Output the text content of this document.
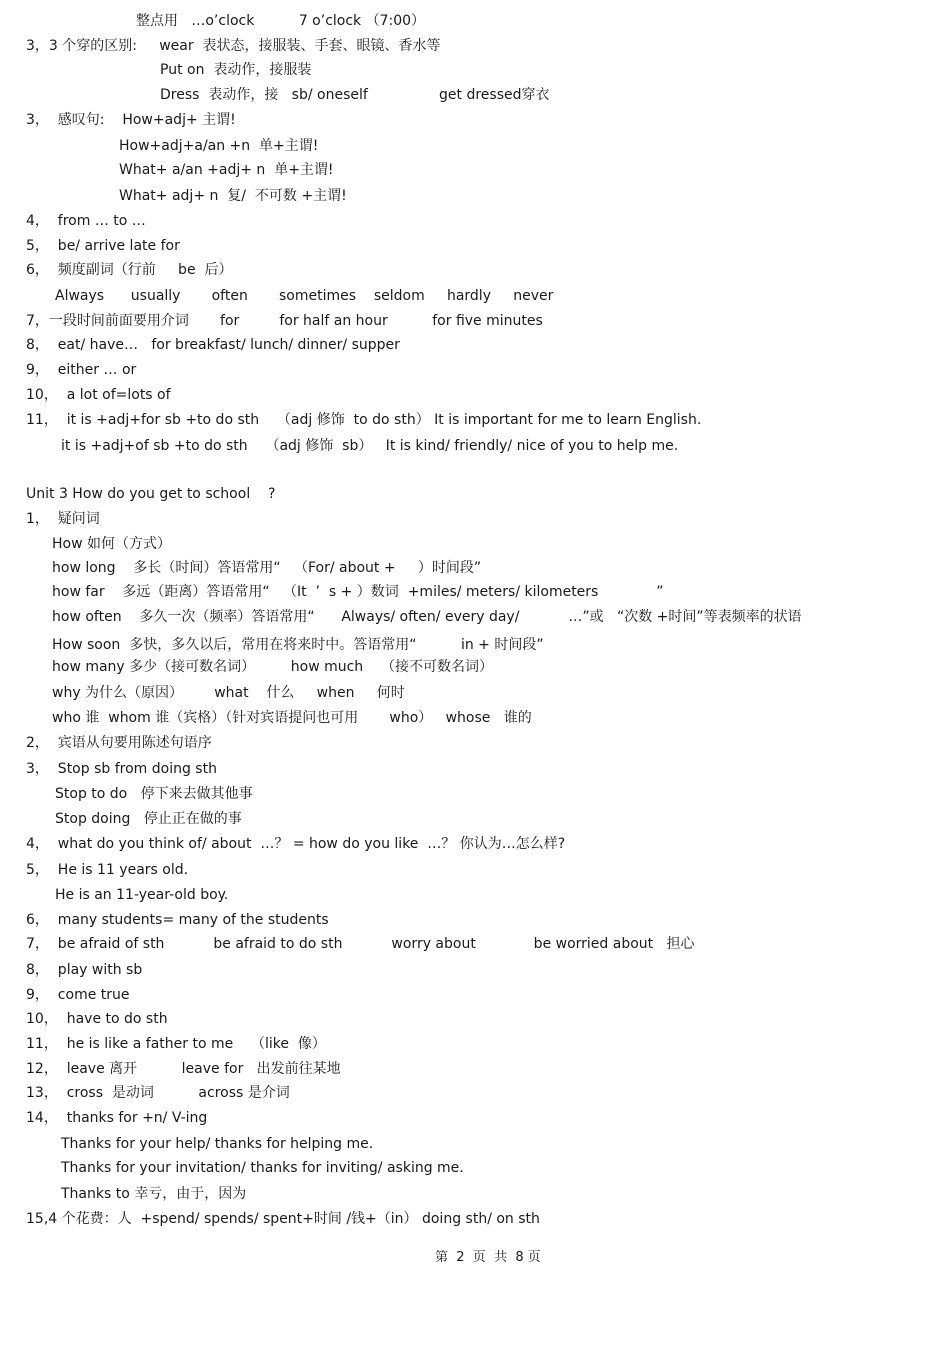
整点用   …o’clock          7 o’clock （7:00）
3，3 个穿的区别:     wear  表状态，接服装、手套、眼镜、香水等
Put on  表动作，接服装
Dress  表动作，接   sb/ oneself                get dressed穿衣
3，  感叹句:    How+adj+ 主谓!
How+adj+a/an +n  单+主谓!
What+ a/an +adj+ n  单+主谓!
What+ adj+ n  复/  不可数 +主谓!
4，  from … to …
5，  be/ arrive late for
6，  频度副词（行前     be  后）
Always      usually       often       sometimes    seldom     hardly     never
7，一段时间前面要用介词       for         for half an hour          for five minutes
8，  eat/ have…   for breakfast/ lunch/ dinner/ supper
9，  either … or
10，  a lot of=lots of
11，  it is +adj+for sb +to do sth    （adj 修饰  to do sth） It is important for me to learn English.
it is +adj+of sb +to do sth    （adj 修饰  sb）   It is kind/ friendly/ nice of you to help me.
Unit 3 How do you get to school    ?
1，  疑问词
How 如何（方式）
how long    多长（时间）答语常用“   （For/ about +     ）时间段”
how far    多远（距离）答语常用“   （It  ’  s + ）数词  +miles/ meters/ kilometers             ”
how often    多久一次（频率）答语常用“      Always/ often/ every day/           …”或   “次数 +时间”等表频率的状语
How soon  多快，多久以后，常用在将来时中。答语常用“          in + 时间段”
how many 多少（接可数名词）        how much    （接不可数名词）
why 为什么（原因）       what    什么     when     何时
who 谁  whom 谁（宾格）（针对宾语提问也可用       who）   whose   谁的
2，  宾语从句要用陈述句语序
3，  Stop sb from doing sth
Stop to do   停下来去做其他事
Stop doing   停止正在做的事
4，  what do you think of/ about  …？ = how do you like  …？ 你认为…怎么样?
5，  He is 11 years old.
He is an 11-year-old boy.
6，  many students= many of the students
7，  be afraid of sth           be afraid to do sth           worry about             be worried about   担心
8，  play with sb
9，  come true
10，  have to do sth
11，  he is like a father to me    （like  像）
12，  leave 离开          leave for   出发前往某地
13，  cross  是动词          across 是介词
14，  thanks for +n/ V-ing
Thanks for your help/ thanks for helping me.
Thanks for your invitation/ thanks for inviting/ asking me.
Thanks to 幸亏，由于，因为
15,4 个花费：人  +spend/ spends/ spent+时间 /钱+（in） doing sth/ on sth
第  2  页  共  8 页
